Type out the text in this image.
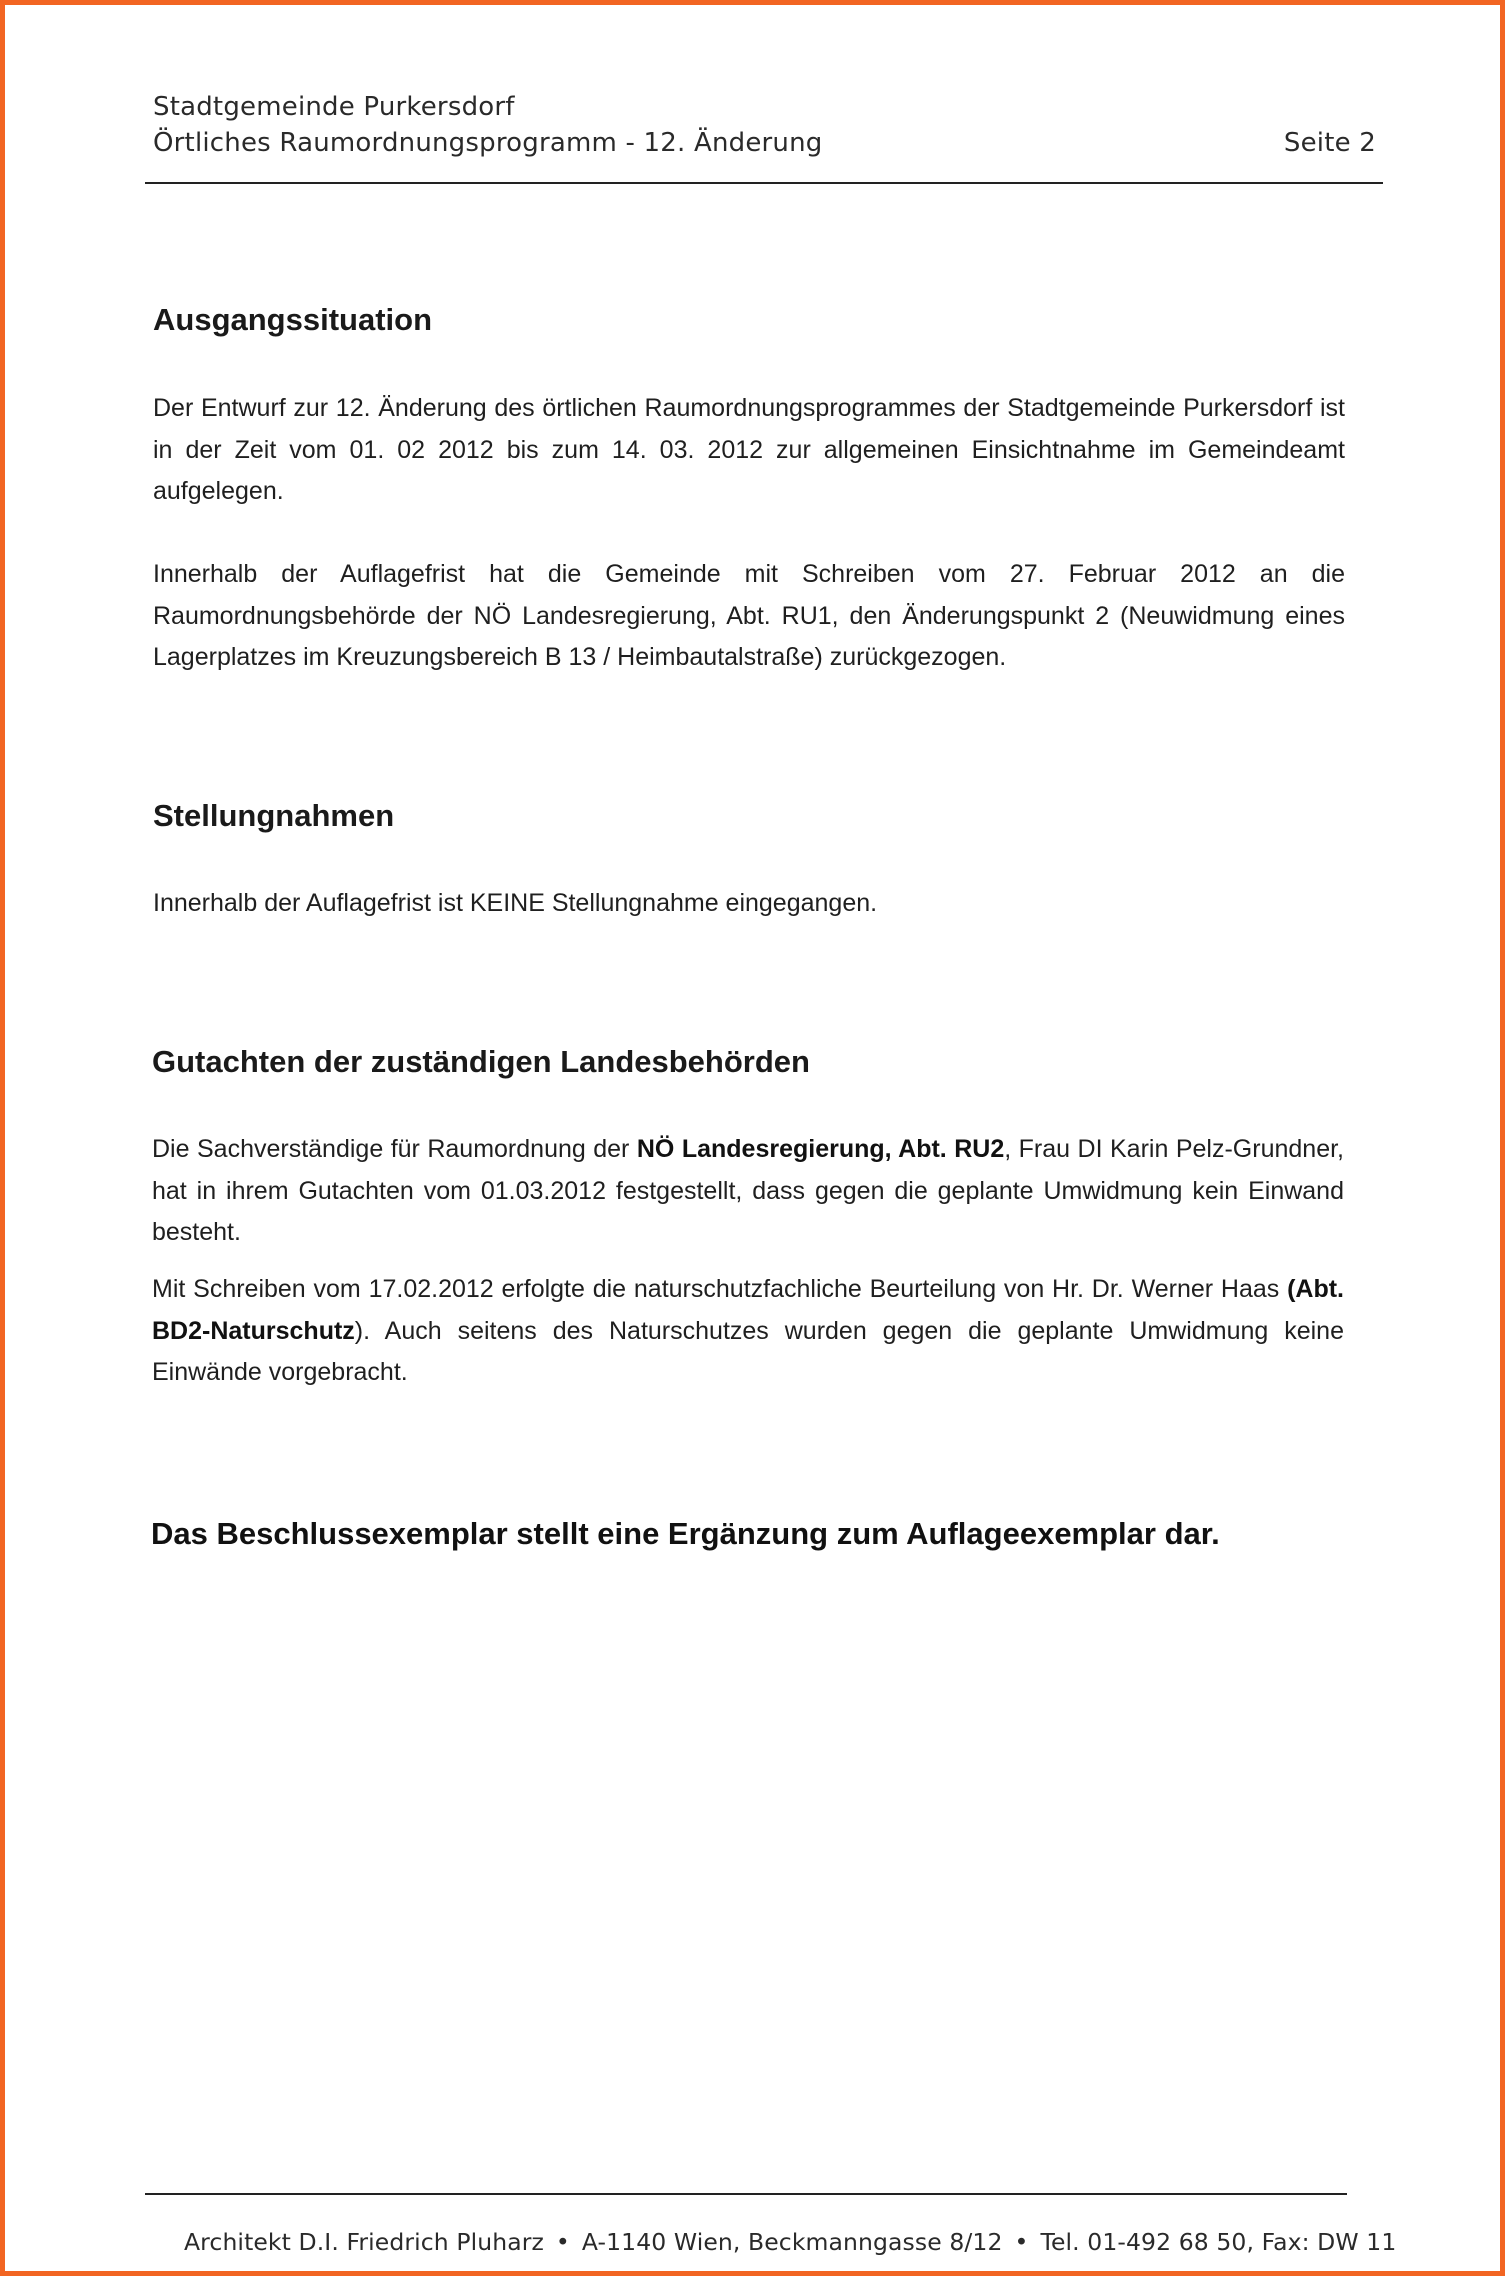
Stadtgemeinde Purkersdorf
Örtliches Raumordnungsprogramm - 12. Änderung	Seite 2
Ausgangssituation

Der Entwurf zur 12. Änderung des örtlichen Raumordnungsprogrammes der Stadtgemeinde Purkersdorf ist in der Zeit vom 01. 02 2012 bis zum 14. 03. 2012 zur allgemeinen Einsichtnahme im Gemeindeamt aufgelegen.

Innerhalb der Auflagefrist hat die Gemeinde mit Schreiben vom 27. Februar 2012 an die Raumordnungsbehörde der NÖ Landesregierung, Abt. RU1, den Änderungspunkt 2 (Neuwidmung eines Lagerplatzes im Kreuzungsbereich B 13 / Heimbautalstraße) zurückgezogen.

Stellungnahmen

Innerhalb der Auflagefrist ist KEINE Stellungnahme eingegangen.

Gutachten der zuständigen Landesbehörden

Die Sachverständige für Raumordnung der NÖ Landesregierung, Abt. RU2, Frau DI Karin Pelz-Grundner, hat in ihrem Gutachten vom 01.03.2012 festgestellt, dass gegen die geplante Umwidmung kein Einwand besteht.

Mit Schreiben vom 17.02.2012 erfolgte die naturschutzfachliche Beurteilung von Hr. Dr. Werner Haas (Abt. BD2-Naturschutz). Auch seitens des Naturschutzes wurden gegen die geplante Umwidmung keine Einwände vorgebracht.

Das Beschlussexemplar stellt eine Ergänzung zum Auflageexemplar dar.
Architekt D.I. Friedrich Pluharz • A-1140 Wien, Beckmanngasse 8/12 • Tel. 01-492 68 50, Fax: DW 11
